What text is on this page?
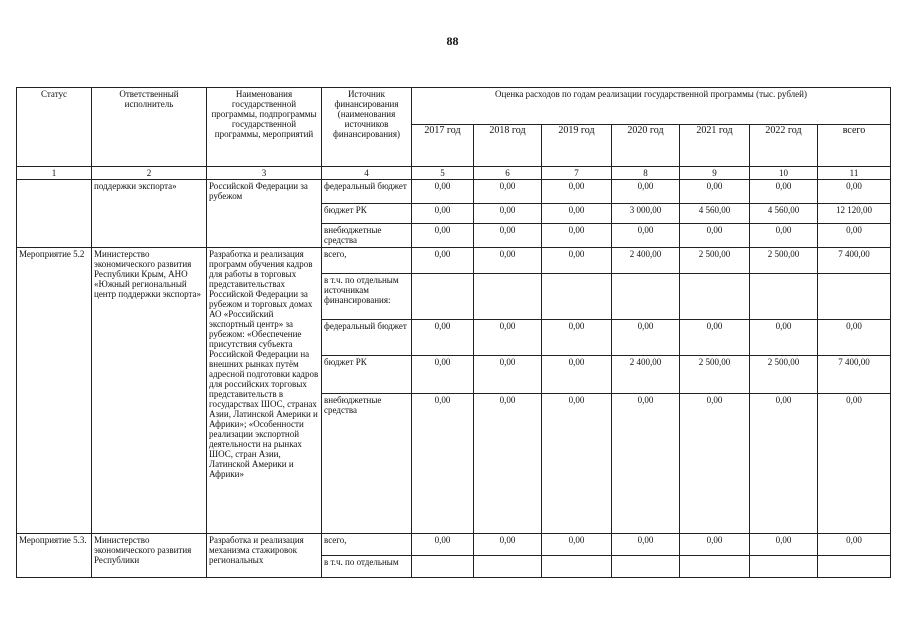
88
Статус	Ответственный исполнитель	Наименования государственной программы, подпрограммы государственной программы, мероприятий	Источник финансирования (наименования источников финансирования)	Оценка расходов по годам реализации государственной программы (тыс. рублей)						
				2017 год	2018 год	2019 год	2020 год	2021 год	2022 год	всего
1	2	3	4	5	6	7	8	9	10	11
	поддержки экспорта»	Российской Федерации за рубежом	федеральный бюджет	0,00	0,00	0,00	0,00	0,00	0,00	0,00
			бюджет РК	0,00	0,00	0,00	3 000,00	4 560,00	4 560,00	12 120,00
			внебюджетные средства	0,00	0,00	0,00	0,00	0,00	0,00	0,00
Мероприятие 5.2	Министерство экономического развития Республики Крым, АНО «Южный региональный центр поддержки экспорта»	Разработка и реализация программ обучения кадров для работы в торговых представительствах Российской Федерации за рубежом и торговых домах АО «Российский экспортный центр» за рубежом: «Обеспечение присутствия субъекта Российской Федерации на внешних рынках путём адресной подготовки кадров для российских торговых представительств в государствах ШОС, странах Азии, Латинской Америки и Африки»; «Особенности реализации экспортной деятельности на рынках ШОС, стран Азии, Латинской Америки и Африки»	всего,	0,00	0,00	0,00	2 400,00	2 500,00	2 500,00	7 400,00
			в т.ч. по отдельным источникам финансирования:							
			федеральный бюджет	0,00	0,00	0,00	0,00	0,00	0,00	0,00
			бюджет РК	0,00	0,00	0,00	2 400,00	2 500,00	2 500,00	7 400,00
			внебюджетные средства	0,00	0,00	0,00	0,00	0,00	0,00	0,00
Мероприятие 5.3.	Министерство экономического развития Республики	Разработка и реализация механизма стажировок региональных	всего,	0,00	0,00	0,00	0,00	0,00	0,00	0,00
			в т.ч. по отдельным							
